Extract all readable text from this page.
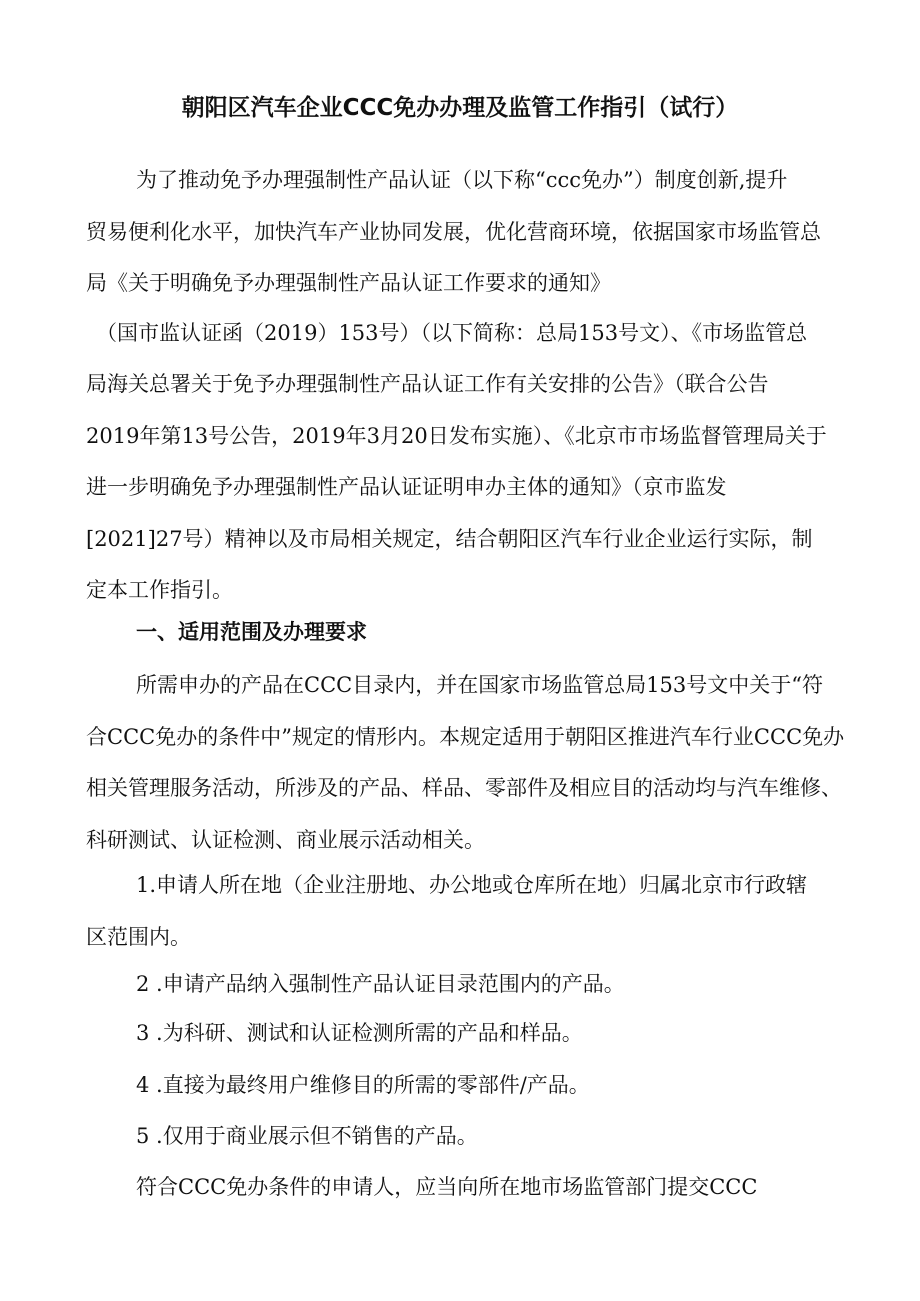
朝阳区汽车企业CCC免办办理及监管工作指引（试行）
为了推动免予办理强制性产品认证（以下称“ccc免办”）制度创新,提升
贸易便利化水平，加快汽车产业协同发展，优化营商环境，依据国家市场监管总
局《关于明确免予办理强制性产品认证工作要求的通知》
（国市监认证函（2019）153号）（以下简称：总局153号文）、《市场监管总
局海关总署关于免予办理强制性产品认证工作有关安排的公告》（联合公告
2019年第13号公告，2019年3月20日发布实施）、《北京市市场监督管理局关于
进一步明确免予办理强制性产品认证证明申办主体的通知》（京市监发
[2021]27号）精神以及市局相关规定，结合朝阳区汽车行业企业运行实际，制
定本工作指引。
一、适用范围及办理要求
所需申办的产品在CCC目录内，并在国家市场监管总局153号文中关于“符
合CCC免办的条件中”规定的情形内。本规定适用于朝阳区推进汽车行业CCC免办
相关管理服务活动，所涉及的产品、样品、零部件及相应目的活动均与汽车维修、
科研测试、认证检测、商业展示活动相关。
1.申请人所在地（企业注册地、办公地或仓库所在地）归属北京市行政辖
区范围内。
2 .申请产品纳入强制性产品认证目录范围内的产品。
3 .为科研、测试和认证检测所需的产品和样品。
4 .直接为最终用户维修目的所需的零部件/产品。
5 .仅用于商业展示但不销售的产品。
符合CCC免办条件的申请人，应当向所在地市场监管部门提交CCC
